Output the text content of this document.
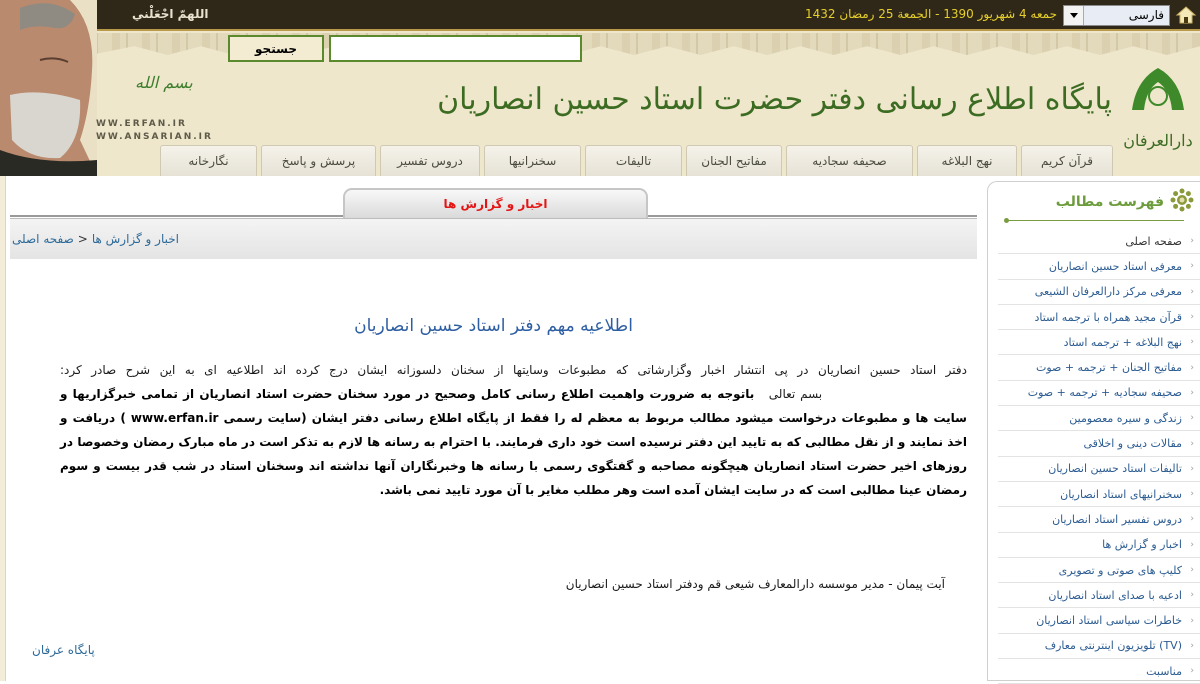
اللهمّ اجْعَلْني	جمعه 4 شهریور 1390 - الجمعة 25 رمضان 1432	فارسی
جستجو
بسم الله
WW.ERFAN.IR
WW.ANSARIAN.IR
پایگاه اطلاع رسانی دفتر حضرت استاد حسین انصاریان
دارالعرفان
قرآن کریم
نهج البلاغه
صحیفه سجادیه
مفاتیح الجنان
تالیفات
سخنرانیها
دروس تفسیر
پرسش و پاسخ
نگارخانه
اخبار و گزارش ها
اخبار و گزارش ها
<
صفحه اصلی
اطلاعیه مهم دفتر استاد حسین انصاریان
دفتر استاد حسین انصاریان در پی انتشار اخبار وگزارشاتی که مطبوعات وسایتها از سخنان دلسوزانه ایشان درج کرده اند اطلاعیه ای به این شرح صادر کرد:  بسم تعالی   باتوجه به ضرورت واهمیت اطلاع رسانی کامل وصحیح در مورد سخنان حضرت استاد انصاریان از تمامی خبرگزاریها و سایت ها و مطبوعات درخواست میشود مطالب مربوط به معظم له را فقط از پایگاه اطلاع رسانی دفتر ایشان (سایت رسمی www.erfan.ir ) دریافت و اخذ نمایند و از نقل مطالبی که به تایید این دفتر نرسیده است خود داری فرمایند. با احترام به رسانه ها لازم به تذکر است در ماه مبارک رمضان وخصوصا در روزهای اخیر حضرت استاد انصاریان هیچگونه مصاحبه و گفتگوی رسمی با رسانه ها وخبرنگاران آنها نداشته اند وسخنان استاد در شب قدر بیست و سوم رمضان عینا مطالبی است که در سایت ایشان آمده است وهر مطلب مغایر با آن مورد تایید نمی باشد.
آیت پیمان - مدیر موسسه دارالمعارف شیعی قم ودفتر استاد حسین انصاریان
پایگاه عرفان
فهرست مطالب
‹
صفحه اصلی
‹
معرفی استاد حسین انصاریان
‹
معرفی مرکز دارالعرفان الشیعی
‹
قرآن مجید همراه با ترجمه استاد
‹
نهج البلاغه + ترجمه استاد
‹
مفاتیح الجنان + ترجمه + صوت
‹
صحیفه سجادیه + ترجمه + صوت
‹
زندگی و سیره معصومین
‹
مقالات دینی و اخلاقی
‹
تالیفات استاد حسین انصاریان
‹
سخنرانیهای استاد انصاریان
‹
دروس تفسیر استاد انصاریان
‹
اخبار و گزارش ها
‹
کلیپ های صوتی و تصویری
‹
ادعیه با صدای استاد انصاریان
‹
خاطرات سیاسی استاد انصاریان
‹
(TV) تلویزیون اینترنتی معارف
‹
مناسبت
